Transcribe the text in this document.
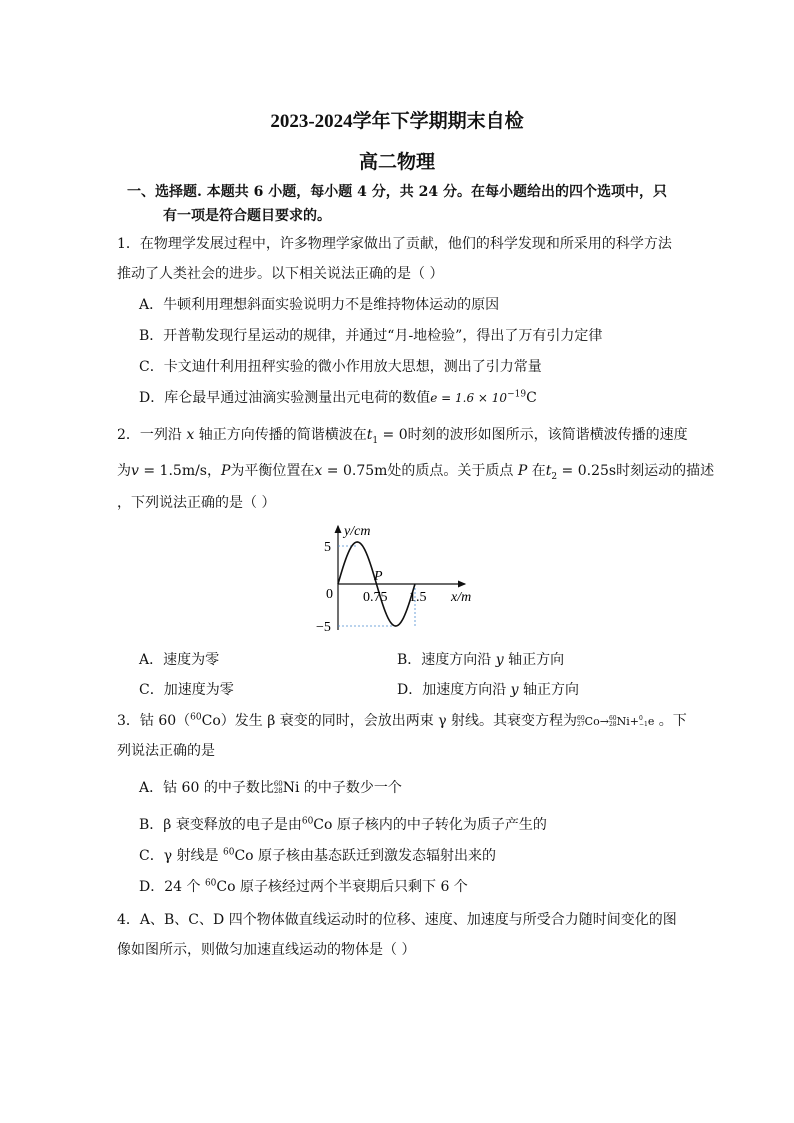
2023-2024学年下学期期末自检
高二物理
一、选择题. 本题共 6 小题，每小题 4 分，共 24 分。在每小题给出的四个选项中，只
有一项是符合题目要求的。
1．在物理学发展过程中，许多物理学家做出了贡献，他们的科学发现和所采用的科学方法
推动了人类社会的进步。以下相关说法正确的是（ ）
A．牛顿利用理想斜面实验说明力不是维持物体运动的原因
B．开普勒发现行星运动的规律，并通过“月-地检验”，得出了万有引力定律
C．卡文迪什利用扭秤实验的微小作用放大思想，测出了引力常量
D．库仑最早通过油滴实验测量出元电荷的数值$e = 1.6 \times 10^{-19}C$
2．一列沿 x 轴正方向传播的简谐横波在$t_1 = 0$时刻的波形如图所示，该简谐横波传播的速度
为v = 1.5m/s，P为平衡位置在x = 0.75m处的质点。关于质点 P 在$t_2 = 0.25s$时刻运动的描述
，下列说法正确的是（ ）
y/cm
5
0
−5
P
0.75 1.5 x/m
A．速度为零	B．速度方向沿 y 轴正方向
C．加速度为零	D．加速度方向沿 y 轴正方向
3．钴 60（$^{60}$Co）发生 β 衰变的同时，会放出两束 γ 射线。其衰变方程为 60
27 Co→ 60
28 Ni+ 0
−1 e 。下
列说法正确的是
A．钴 60 的中子数比 60
28 Ni 的中子数少一个
B．β 衰变释放的电子是由$^{60}$Co 原子核内的中子转化为质子产生的
C．γ 射线是 $^{60}$Co 原子核由基态跃迁到激发态辐射出来的
D．24 个 $^{60}$Co 原子核经过两个半衰期后只剩下 6 个
4．A、B、C、D 四个物体做直线运动时的位移、速度、加速度与所受合力随时间变化的图
像如图所示，则做匀加速直线运动的物体是（ ）
